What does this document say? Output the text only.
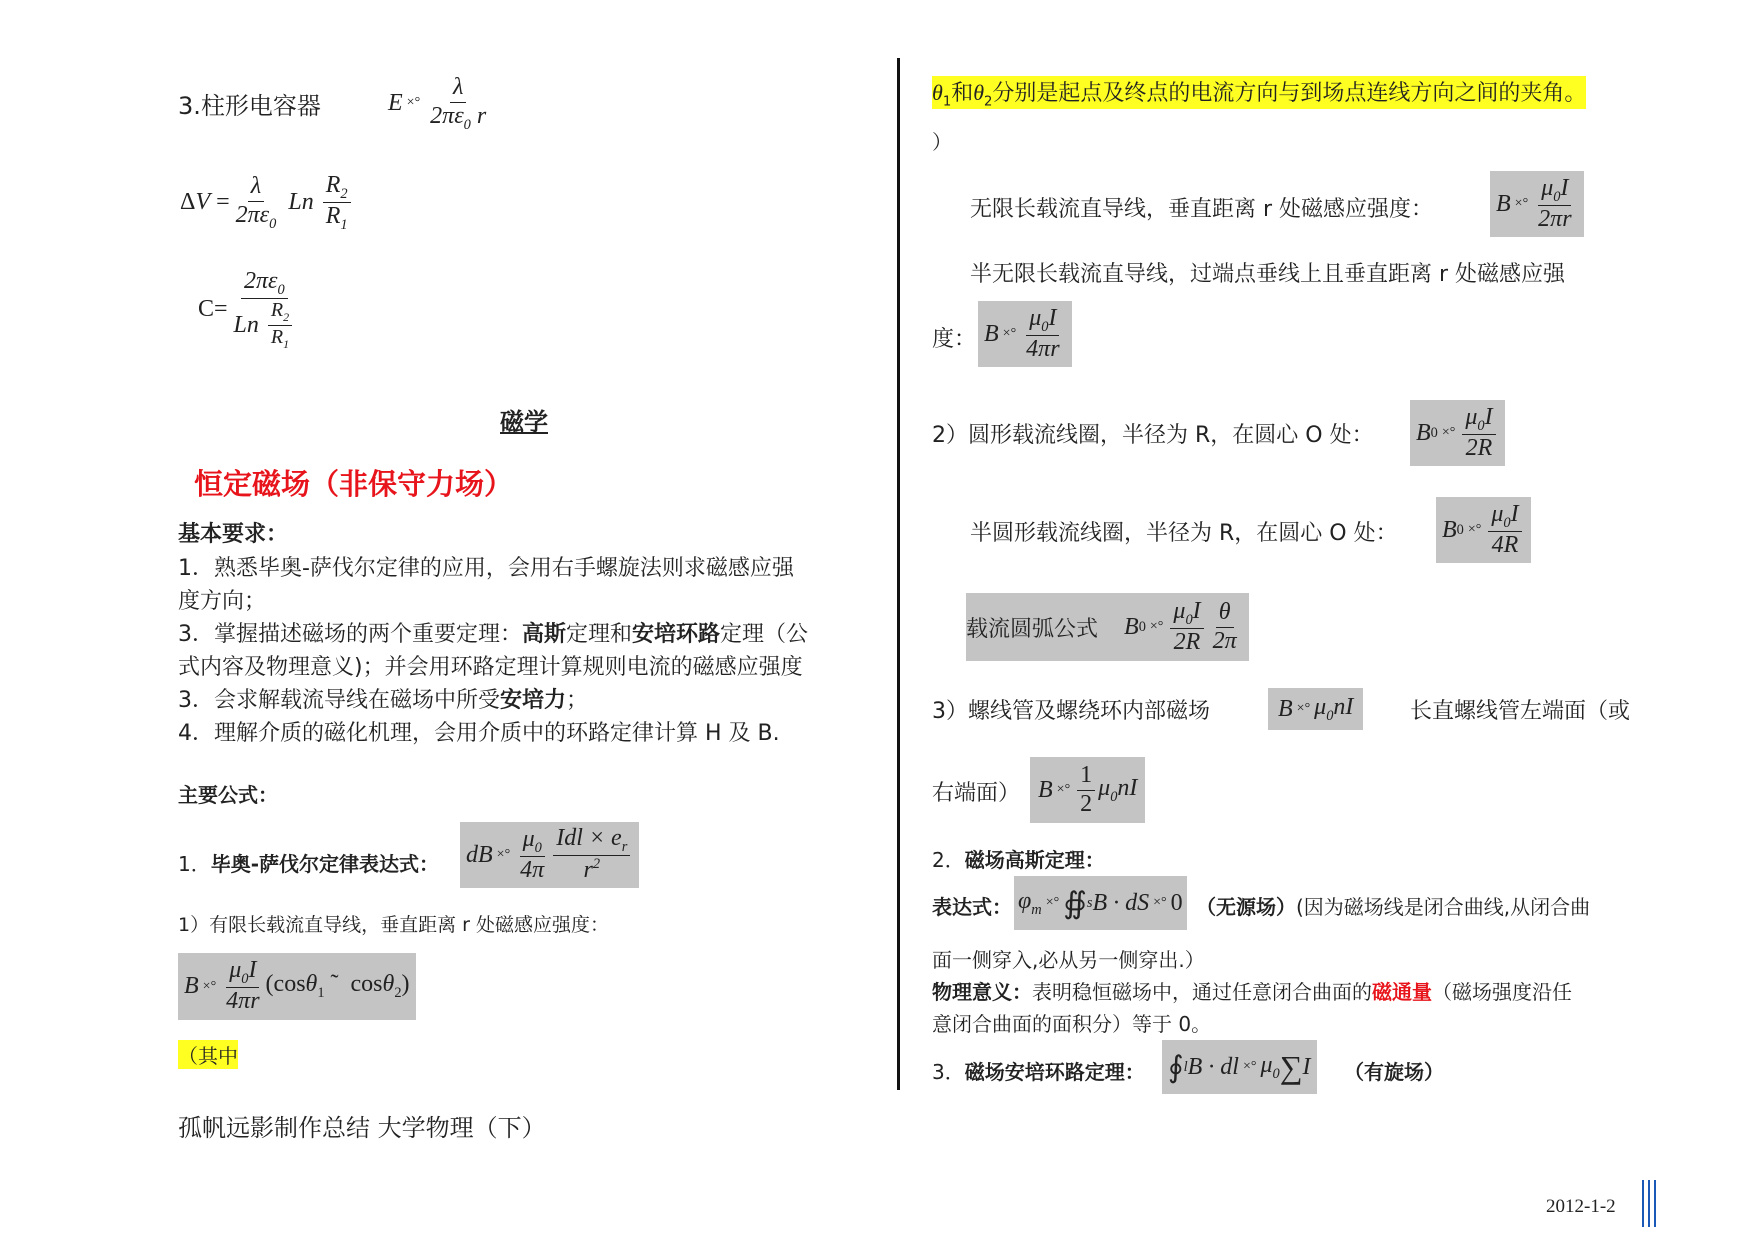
3.柱形电容器	E ×° $\frac{\lambda}{2\pi\varepsilon_0 r}$
Δ $V = \frac{\lambda}{2\pi\varepsilon_0}$ Ln $\frac{R_2}{R_1}$
$C= \frac{2\pi\varepsilon_0}{Ln \frac{R_2}{R_1}}$
磁学
恒定磁场（非保守力场）
基本要求：
1．熟悉毕奥-萨伐尔定律的应用，会用右手螺旋法则求磁感应强
度方向；
3．掌握描述磁场的两个重要定理：高斯定理和安培环路定理（公
式内容及物理意义)；并会用环路定理计算规则电流的磁感应强度
3．会求解载流导线在磁场中所受安培力；
4．理解介质的磁化机理，会用介质中的环路定律计算 H 及 B.
主要公式：
1．毕奥-萨伐尔定律表达式： dB ×° $\frac{\mu_0}{4\pi} \frac{Idl \times e_r}{r^2}$
1）有限长载流直导线，垂直距离 r 处磁感应强度：
B ×° $\frac{\mu_0I}{4\pi r} (\cos\theta_1$ ˜  cosθ$_2$)
（其中
孤帆远影制作总结 大学物理（下）
$\theta_1$和$\theta_2$分别是起点及终点的电流方向与到场点连线方向之间的夹角。
）
无限长载流直导线，垂直距离 r 处磁感应强度：	B ×° $\frac{\mu_0I}{2\pi r}$
半无限长载流直导线，过端点垂线上且垂直距离 r 处磁感应强
度： B ×° $\frac{\mu_0I}{4\pi r}$
2）圆形载流线圈，半径为 R，在圆心 O 处： B 0 ×° $\frac{\mu_0I}{2R}$
半圆形载流线圈，半径为 R，在圆心 O 处： B 0 ×° $\frac{\mu_0I}{4R}$
载流圆弧公式 B 0 ×° $\frac{\mu_0I}{2R} \frac{\theta}{2\pi}$
3）螺线管及螺绕环内部磁场	B ×° $\mu_0nI$	长直螺线管左端面（或
右端面） B ×° $\frac{1}{2} \mu_0nI$
2．磁场高斯定理：
表达式： $\varphi_m$ ×° ∯ s B · dS ×° 0 （无源场）(因为磁场线是闭合曲线,从闭合曲
面一侧穿入,必从另一侧穿出.）
物理意义：表明稳恒磁场中，通过任意闭合曲面的磁通量（磁场强度沿任
意闭合曲面的面积分）等于 0。
3．磁场安培环路定理： ∮ l B · dl ×° $\mu_0$ ∑ I （有旋场）
2012-1-2
